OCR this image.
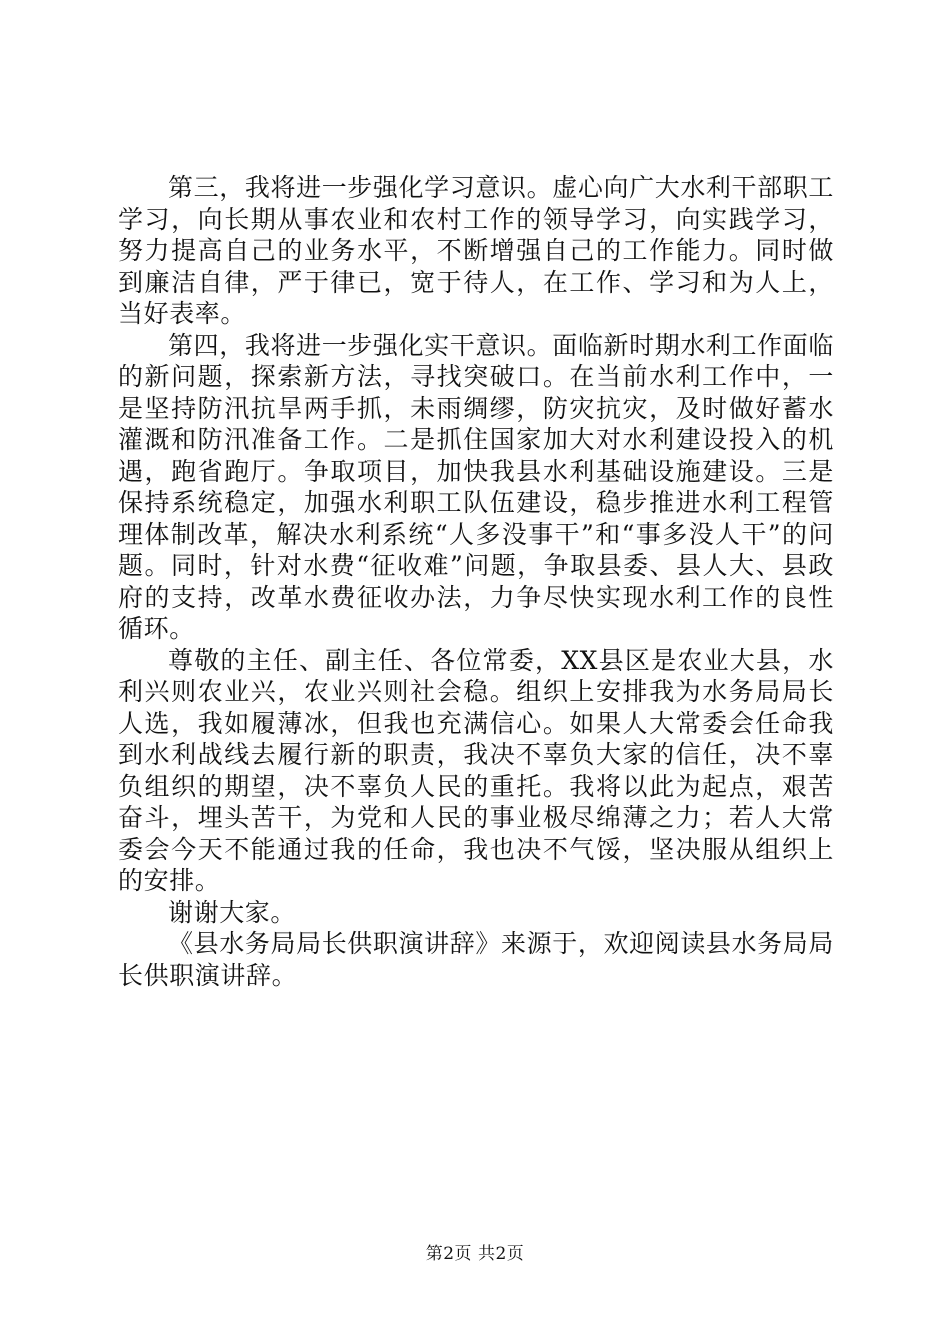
第三，我将进一步强化学习意识。虚心向广大水利干部职工学习，向长期从事农业和农村工作的领导学习，向实践学习，努力提高自己的业务水平，不断增强自己的工作能力。同时做到廉洁自律，严于律已，宽于待人，在工作、学习和为人上，当好表率。

第四，我将进一步强化实干意识。面临新时期水利工作面临的新问题，探索新方法，寻找突破口。在当前水利工作中，一是坚持防汛抗旱两手抓，未雨绸缪，防灾抗灾，及时做好蓄水灌溉和防汛准备工作。二是抓住国家加大对水利建设投入的机遇，跑省跑厅。争取项目，加快我县水利基础设施建设。三是保持系统稳定，加强水利职工队伍建设，稳步推进水利工程管理体制改革，解决水利系统“人多没事干”和“事多没人干”的问题。同时，针对水费“征收难”问题，争取县委、县人大、县政府的支持，改革水费征收办法，力争尽快实现水利工作的良性循环。

尊敬的主任、副主任、各位常委，XX县区是农业大县，水利兴则农业兴，农业兴则社会稳。组织上安排我为水务局局长人选，我如履薄冰，但我也充满信心。如果人大常委会任命我到水利战线去履行新的职责，我决不辜负大家的信任，决不辜负组织的期望，决不辜负人民的重托。我将以此为起点，艰苦奋斗，埋头苦干，为党和人民的事业极尽绵薄之力；若人大常委会今天不能通过我的任命，我也决不气馁，坚决服从组织上的安排。

谢谢大家。

《县水务局局长供职演讲辞》来源于，欢迎阅读县水务局局长供职演讲辞。

第2页 共2页
